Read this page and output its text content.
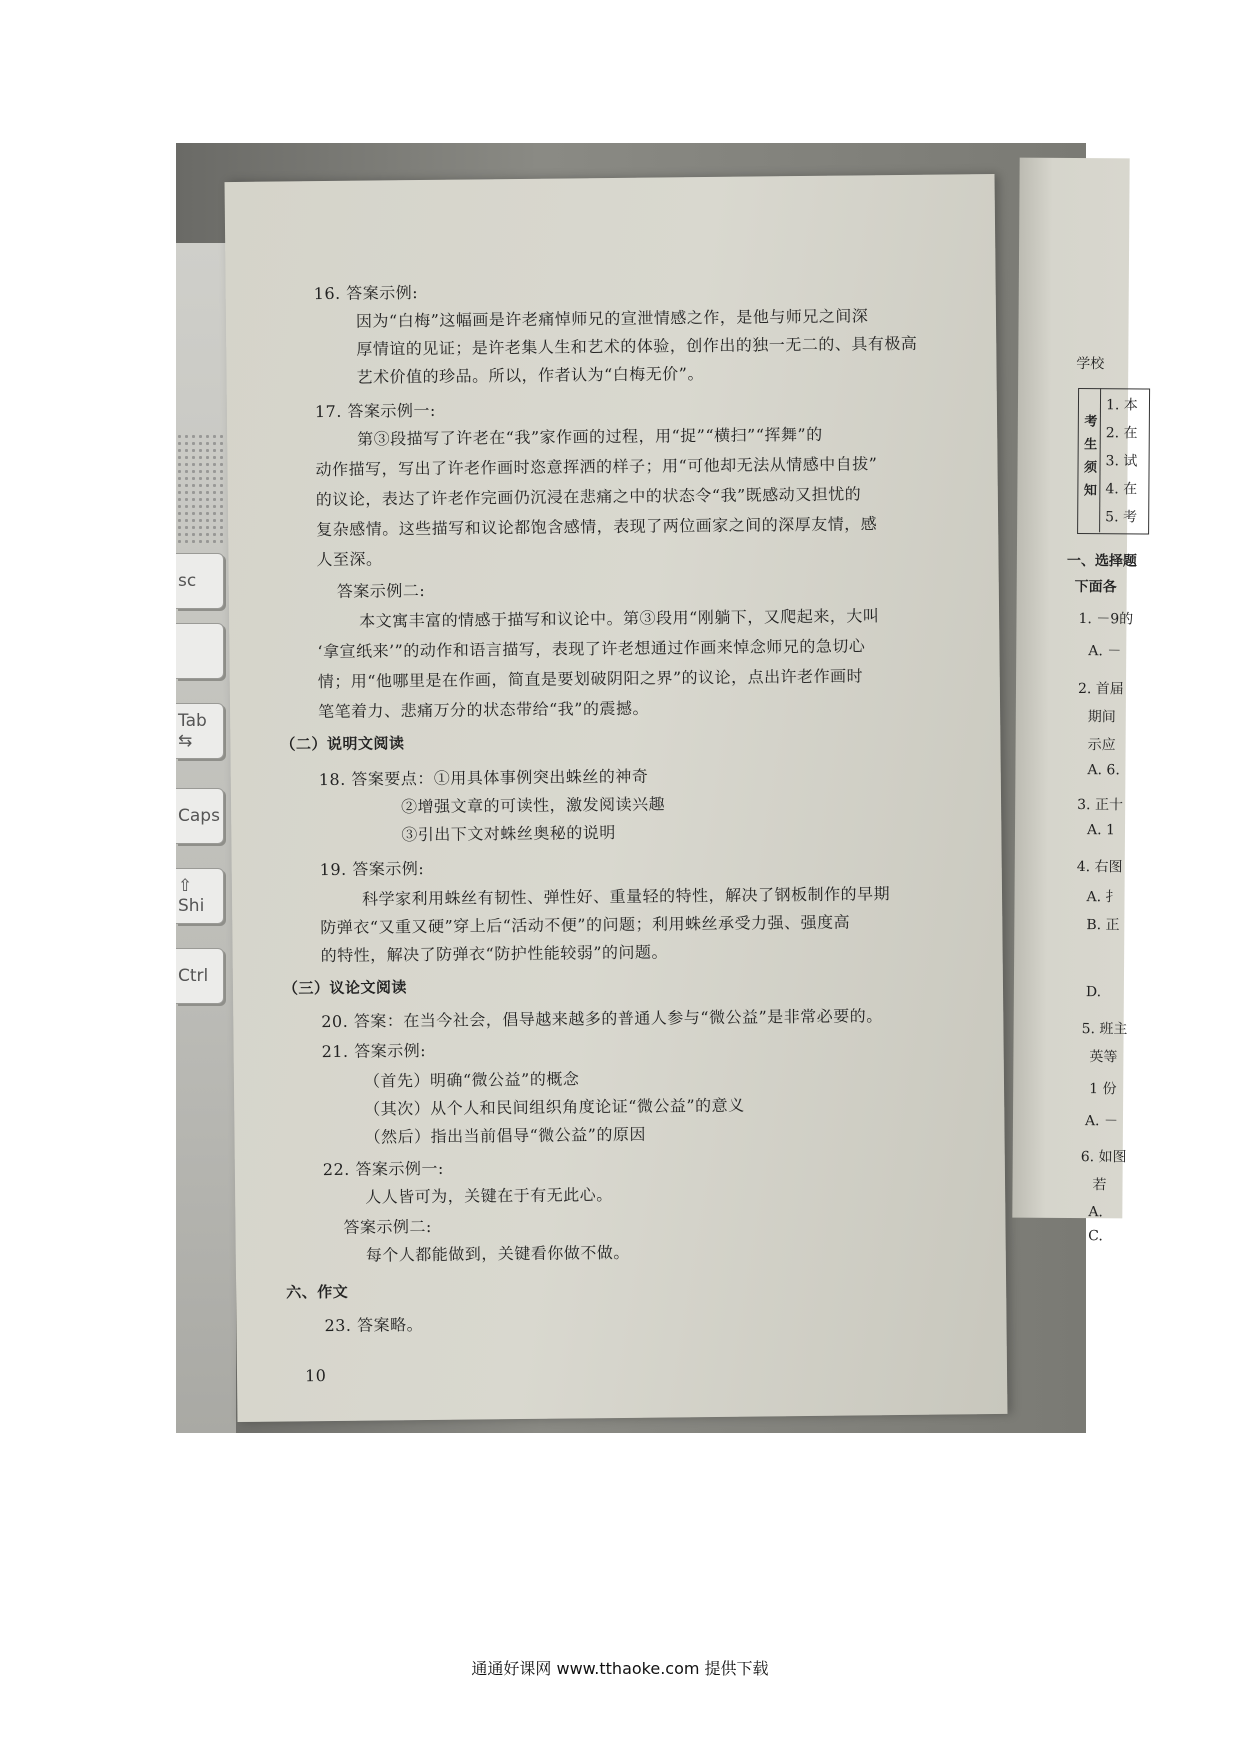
sc
Tab ⇆
Caps
⇧ Shi
Ctrl
16. 答案示例:
因为“白梅”这幅画是许老痛悼师兄的宣泄情感之作，是他与师兄之间深
厚情谊的见证；是许老集人生和艺术的体验，创作出的独一无二的、具有极高
艺术价值的珍品。所以，作者认为“白梅无价”。
17. 答案示例一:
第③段描写了许老在“我”家作画的过程，用“捉”“横扫”“挥舞”的
动作描写，写出了许老作画时恣意挥洒的样子；用“可他却无法从情感中自拔”
的议论，表达了许老作完画仍沉浸在悲痛之中的状态令“我”既感动又担忧的
复杂感情。这些描写和议论都饱含感情，表现了两位画家之间的深厚友情，感
人至深。
答案示例二:
本文寓丰富的情感于描写和议论中。第③段用“刚躺下，又爬起来，大叫
‘拿宣纸来’”的动作和语言描写，表现了许老想通过作画来悼念师兄的急切心
情；用“他哪里是在作画，简直是要划破阴阳之界”的议论，点出许老作画时
笔笔着力、悲痛万分的状态带给“我”的震撼。
（二）说明文阅读
18. 答案要点：①用具体事例突出蛛丝的神奇
②增强文章的可读性，激发阅读兴趣
③引出下文对蛛丝奥秘的说明
19. 答案示例:
科学家利用蛛丝有韧性、弹性好、重量轻的特性，解决了钢板制作的早期
防弹衣“又重又硬”穿上后“活动不便”的问题；利用蛛丝承受力强、强度高
的特性，解决了防弹衣“防护性能较弱”的问题。
（三）议论文阅读
20. 答案：在当今社会，倡导越来越多的普通人参与“微公益”是非常必要的。
21. 答案示例:
（首先）明确“微公益”的概念
（其次）从个人和民间组织角度论证“微公益”的意义
（然后）指出当前倡导“微公益”的原因
22. 答案示例一:
人人皆可为，关键在于有无此心。
答案示例二:
每个人都能做到，关键看你做不做。
六、作文
23. 答案略。
10
学校
考生须知
1. 本
2. 在
3. 试
4. 在
5. 考
一、选择题
下面各
1. －9的
A. －
2. 首届
期间
示应
A. 6.
3. 正十
A. 1
4. 右图
A. 扌
B. 正
D.
5. 班主
英等
1 份
A. －
6. 如图
若
A.
C.
通通好课网 www.tthaoke.com 提供下载
